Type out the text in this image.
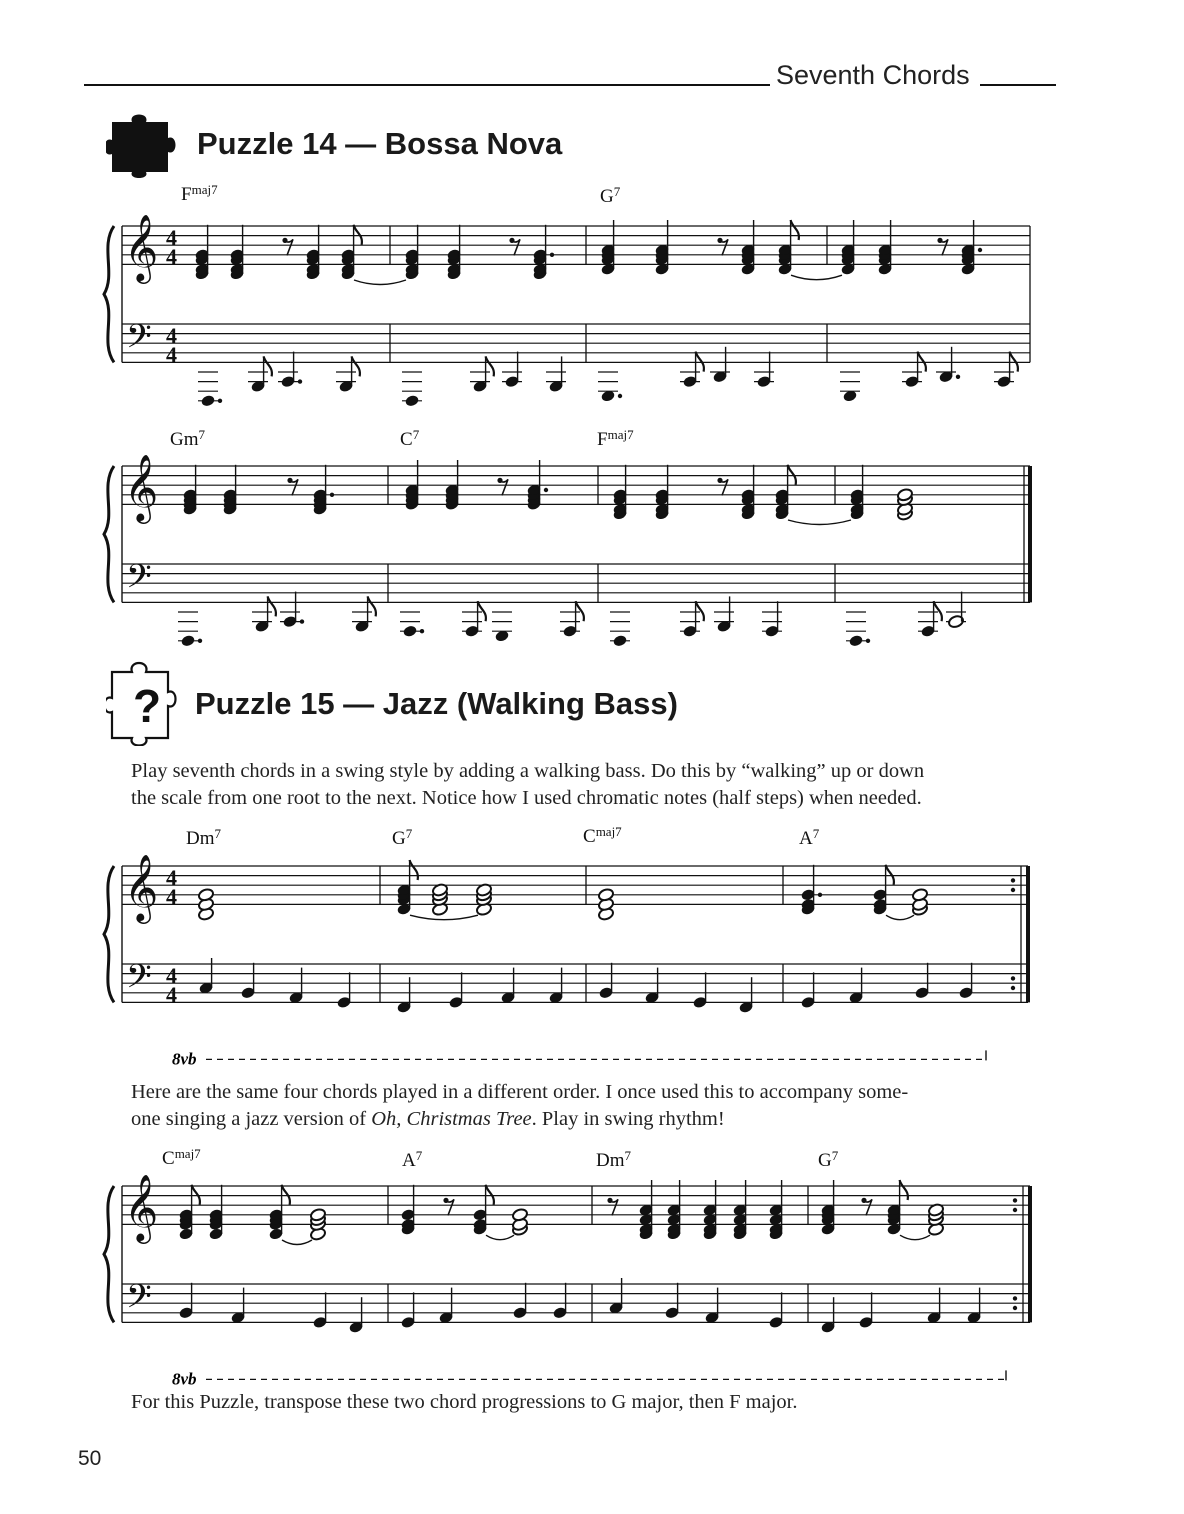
Seventh Chords
Puzzle 14 — Bossa Nova
$F^{maj7}$	$G^7$
𝄞
𝄢
4
4
4
4
Gm$^7$	$C^7$	$F^{maj7}$
𝄞
𝄢
? Puzzle 15 — Jazz (Walking Bass)
Play seventh chords in a swing style by adding a walking bass. Do this by “walking” up or down
the scale from one root to the next. Notice how I used chromatic notes (half steps) when needed.
Dm$^7$	$G^7$	$C^{maj7}$	$A^7$
𝄞
𝄢
4
4
4
4
8vb
Here are the same four chords played in a different order. I once used this to accompany some-
one singing a jazz version of Oh, Christmas Tree. Play in swing rhythm!
$C^{maj7}$	$A^7$	Dm$^7$	$G^7$
𝄞
𝄢
8vb
For this Puzzle, transpose these two chord progressions to G major, then F major.
50
